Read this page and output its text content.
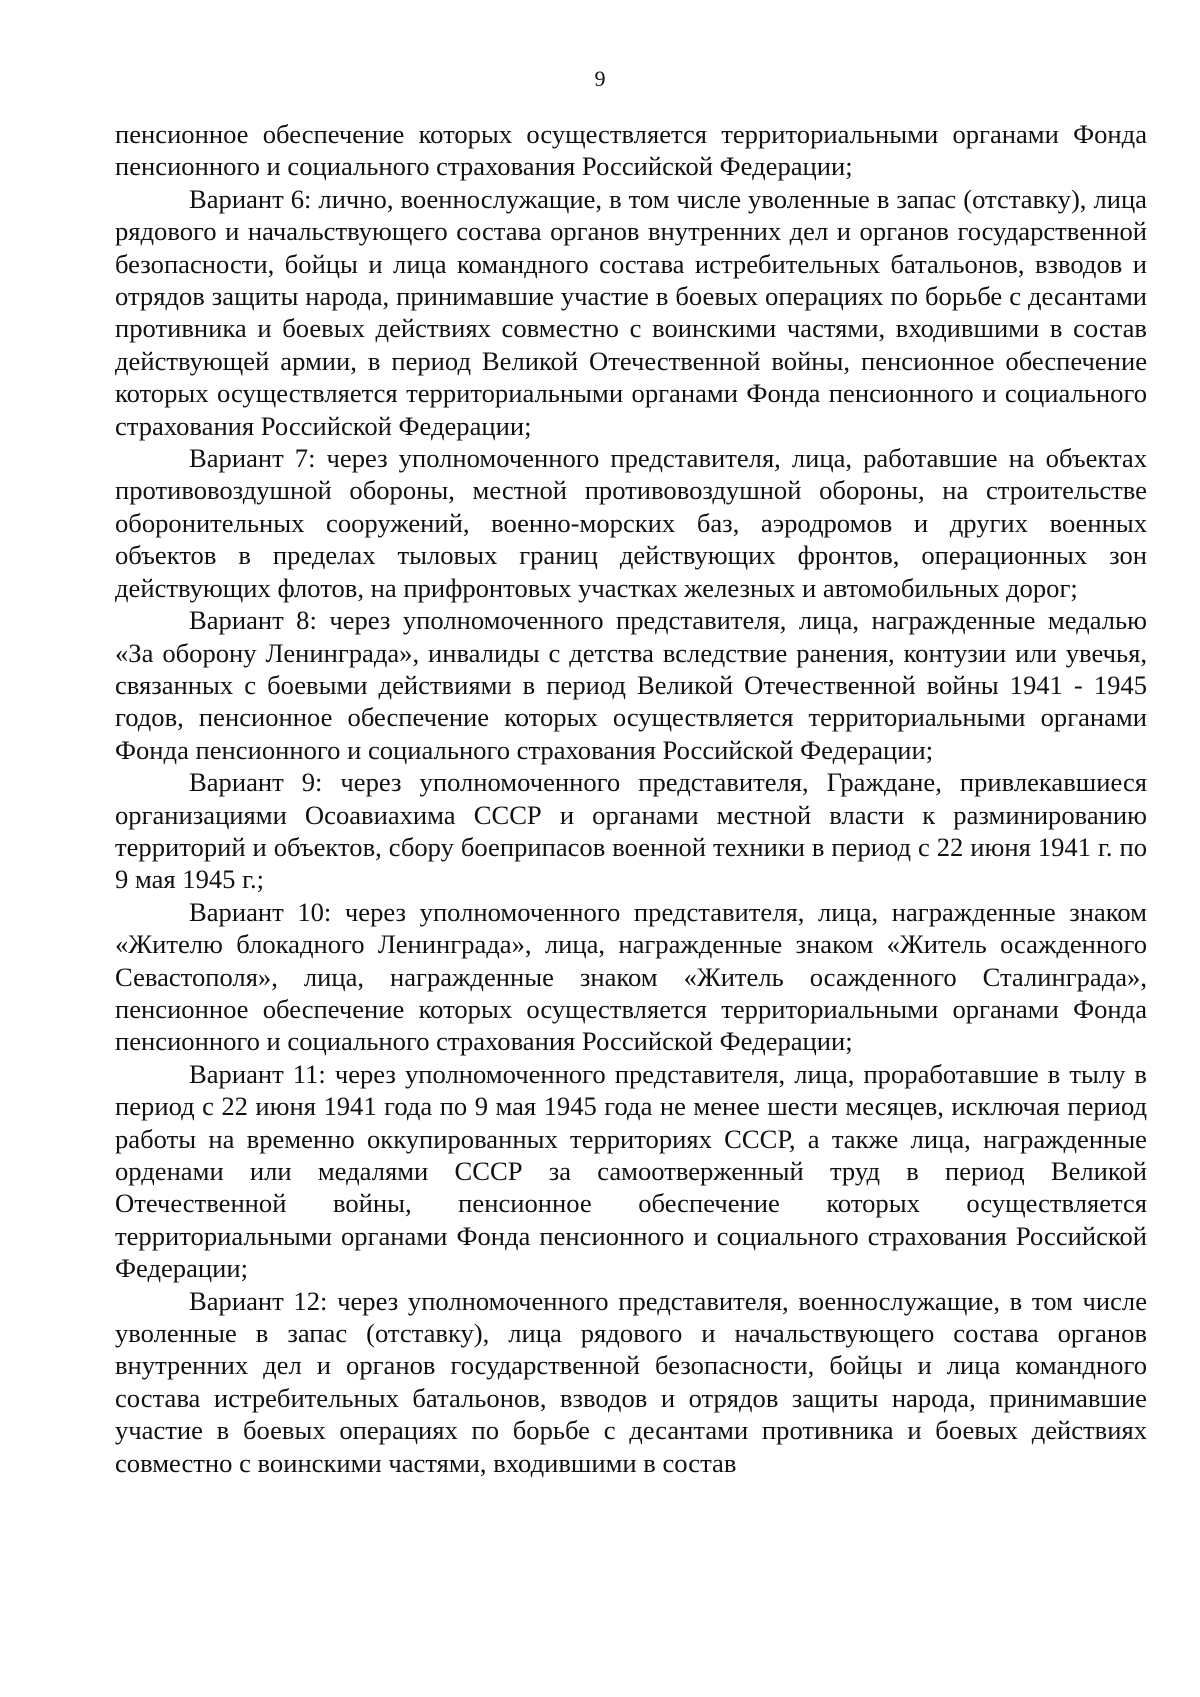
9

пенсионное обеспечение которых осуществляется территориальными органами Фонда пенсионного и социального страхования Российской Федерации;

Вариант 6: лично, военнослужащие, в том числе уволенные в запас (отставку), лица рядового и начальствующего состава органов внутренних дел и органов государственной безопасности, бойцы и лица командного состава истребительных батальонов, взводов и отрядов защиты народа, принимавшие участие в боевых операциях по борьбе с десантами противника и боевых действиях совместно с воинскими частями, входившими в состав действующей армии, в период Великой Отечественной войны, пенсионное обеспечение которых осуществляется территориальными органами Фонда пенсионного и социального страхования Российской Федерации;

Вариант 7: через уполномоченного представителя, лица, работавшие на объектах противовоздушной обороны, местной противовоздушной обороны, на строительстве оборонительных сооружений, военно-морских баз, аэродромов и других военных объектов в пределах тыловых границ действующих фронтов, операционных зон действующих флотов, на прифронтовых участках железных и автомобильных дорог;

Вариант 8: через уполномоченного представителя, лица, награжденные медалью «За оборону Ленинграда», инвалиды с детства вследствие ранения, контузии или увечья, связанных с боевыми действиями в период Великой Отечественной войны 1941 - 1945 годов, пенсионное обеспечение которых осуществляется территориальными органами Фонда пенсионного и социального страхования Российской Федерации;

Вариант 9: через уполномоченного представителя, Граждане, привлекавшиеся организациями Осоавиахима СССР и органами местной власти к разминированию территорий и объектов, сбору боеприпасов военной техники в период с 22 июня 1941 г. по 9 мая 1945 г.;

Вариант 10: через уполномоченного представителя, лица, награжденные знаком «Жителю блокадного Ленинграда», лица, награжденные знаком «Житель осажденного Севастополя», лица, награжденные знаком «Житель осажденного Сталинграда», пенсионное обеспечение которых осуществляется территориальными органами Фонда пенсионного и социального страхования Российской Федерации;

Вариант 11: через уполномоченного представителя, лица, проработавшие в тылу в период с 22 июня 1941 года по 9 мая 1945 года не менее шести месяцев, исключая период работы на временно оккупированных территориях СССР, а также лица, награжденные орденами или медалями СССР за самоотверженный труд в период Великой Отечественной войны, пенсионное обеспечение которых осуществляется территориальными органами Фонда пенсионного и социального страхования Российской Федерации;

Вариант 12: через уполномоченного представителя, военнослужащие, в том числе уволенные в запас (отставку), лица рядового и начальствующего состава органов внутренних дел и органов государственной безопасности, бойцы и лица командного состава истребительных батальонов, взводов и отрядов защиты народа, принимавшие участие в боевых операциях по борьбе с десантами противника и боевых действиях совместно с воинскими частями, входившими в состав
